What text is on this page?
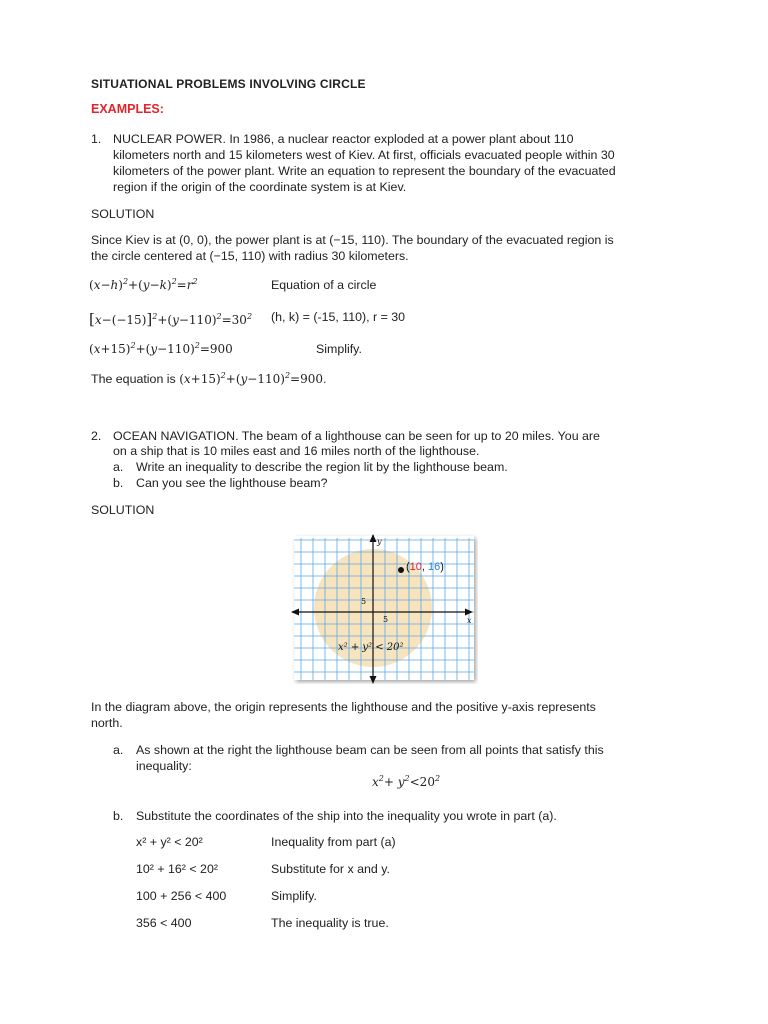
SITUATIONAL PROBLEMS INVOLVING CIRCLE
EXAMPLES:
1. NUCLEAR POWER. In 1986, a nuclear reactor exploded at a power plant about 110
kilometers north and 15 kilometers west of Kiev. At first, officials evacuated people within 30
kilometers of the power plant. Write an equation to represent the boundary of the evacuated
region if the origin of the coordinate system is at Kiev.
SOLUTION
Since Kiev is at (0, 0), the power plant is at (−15, 110). The boundary of the evacuated region is
the circle centered at (−15, 110) with radius 30 kilometers.
$(x-h)^2+(y-k)^2=r^2$	Equation of a circle
$[x-(-15)]^2+(y-110)^2=30^2$ (h, k) = (-15, 110), r = 30
$(x+15)^2+(y-110)^2=900$	Simplify.
The equation is $(x+15)^2+(y-110)^2=900$.
2. OCEAN NAVIGATION. The beam of a lighthouse can be seen for up to 20 miles. You are
on a ship that is 10 miles east and 16 miles north of the lighthouse.
a. Write an inequality to describe the region lit by the lighthouse beam.
b. Can you see the lighthouse beam?
SOLUTION
y
x
5
5
(10, 16)
x² + y² < 20²
In the diagram above, the origin represents the lighthouse and the positive y-axis represents
north.
a. As shown at the right the lighthouse beam can be seen from all points that satisfy this
inequality:
$x^2+ y^2<20^2$
b. Substitute the coordinates of the ship into the inequality you wrote in part (a).
x² + y² < 20²	Inequality from part (a)
10² + 16² < 20²	Substitute for x and y.
100 + 256 < 400	Simplify.
356 < 400	The inequality is true.
